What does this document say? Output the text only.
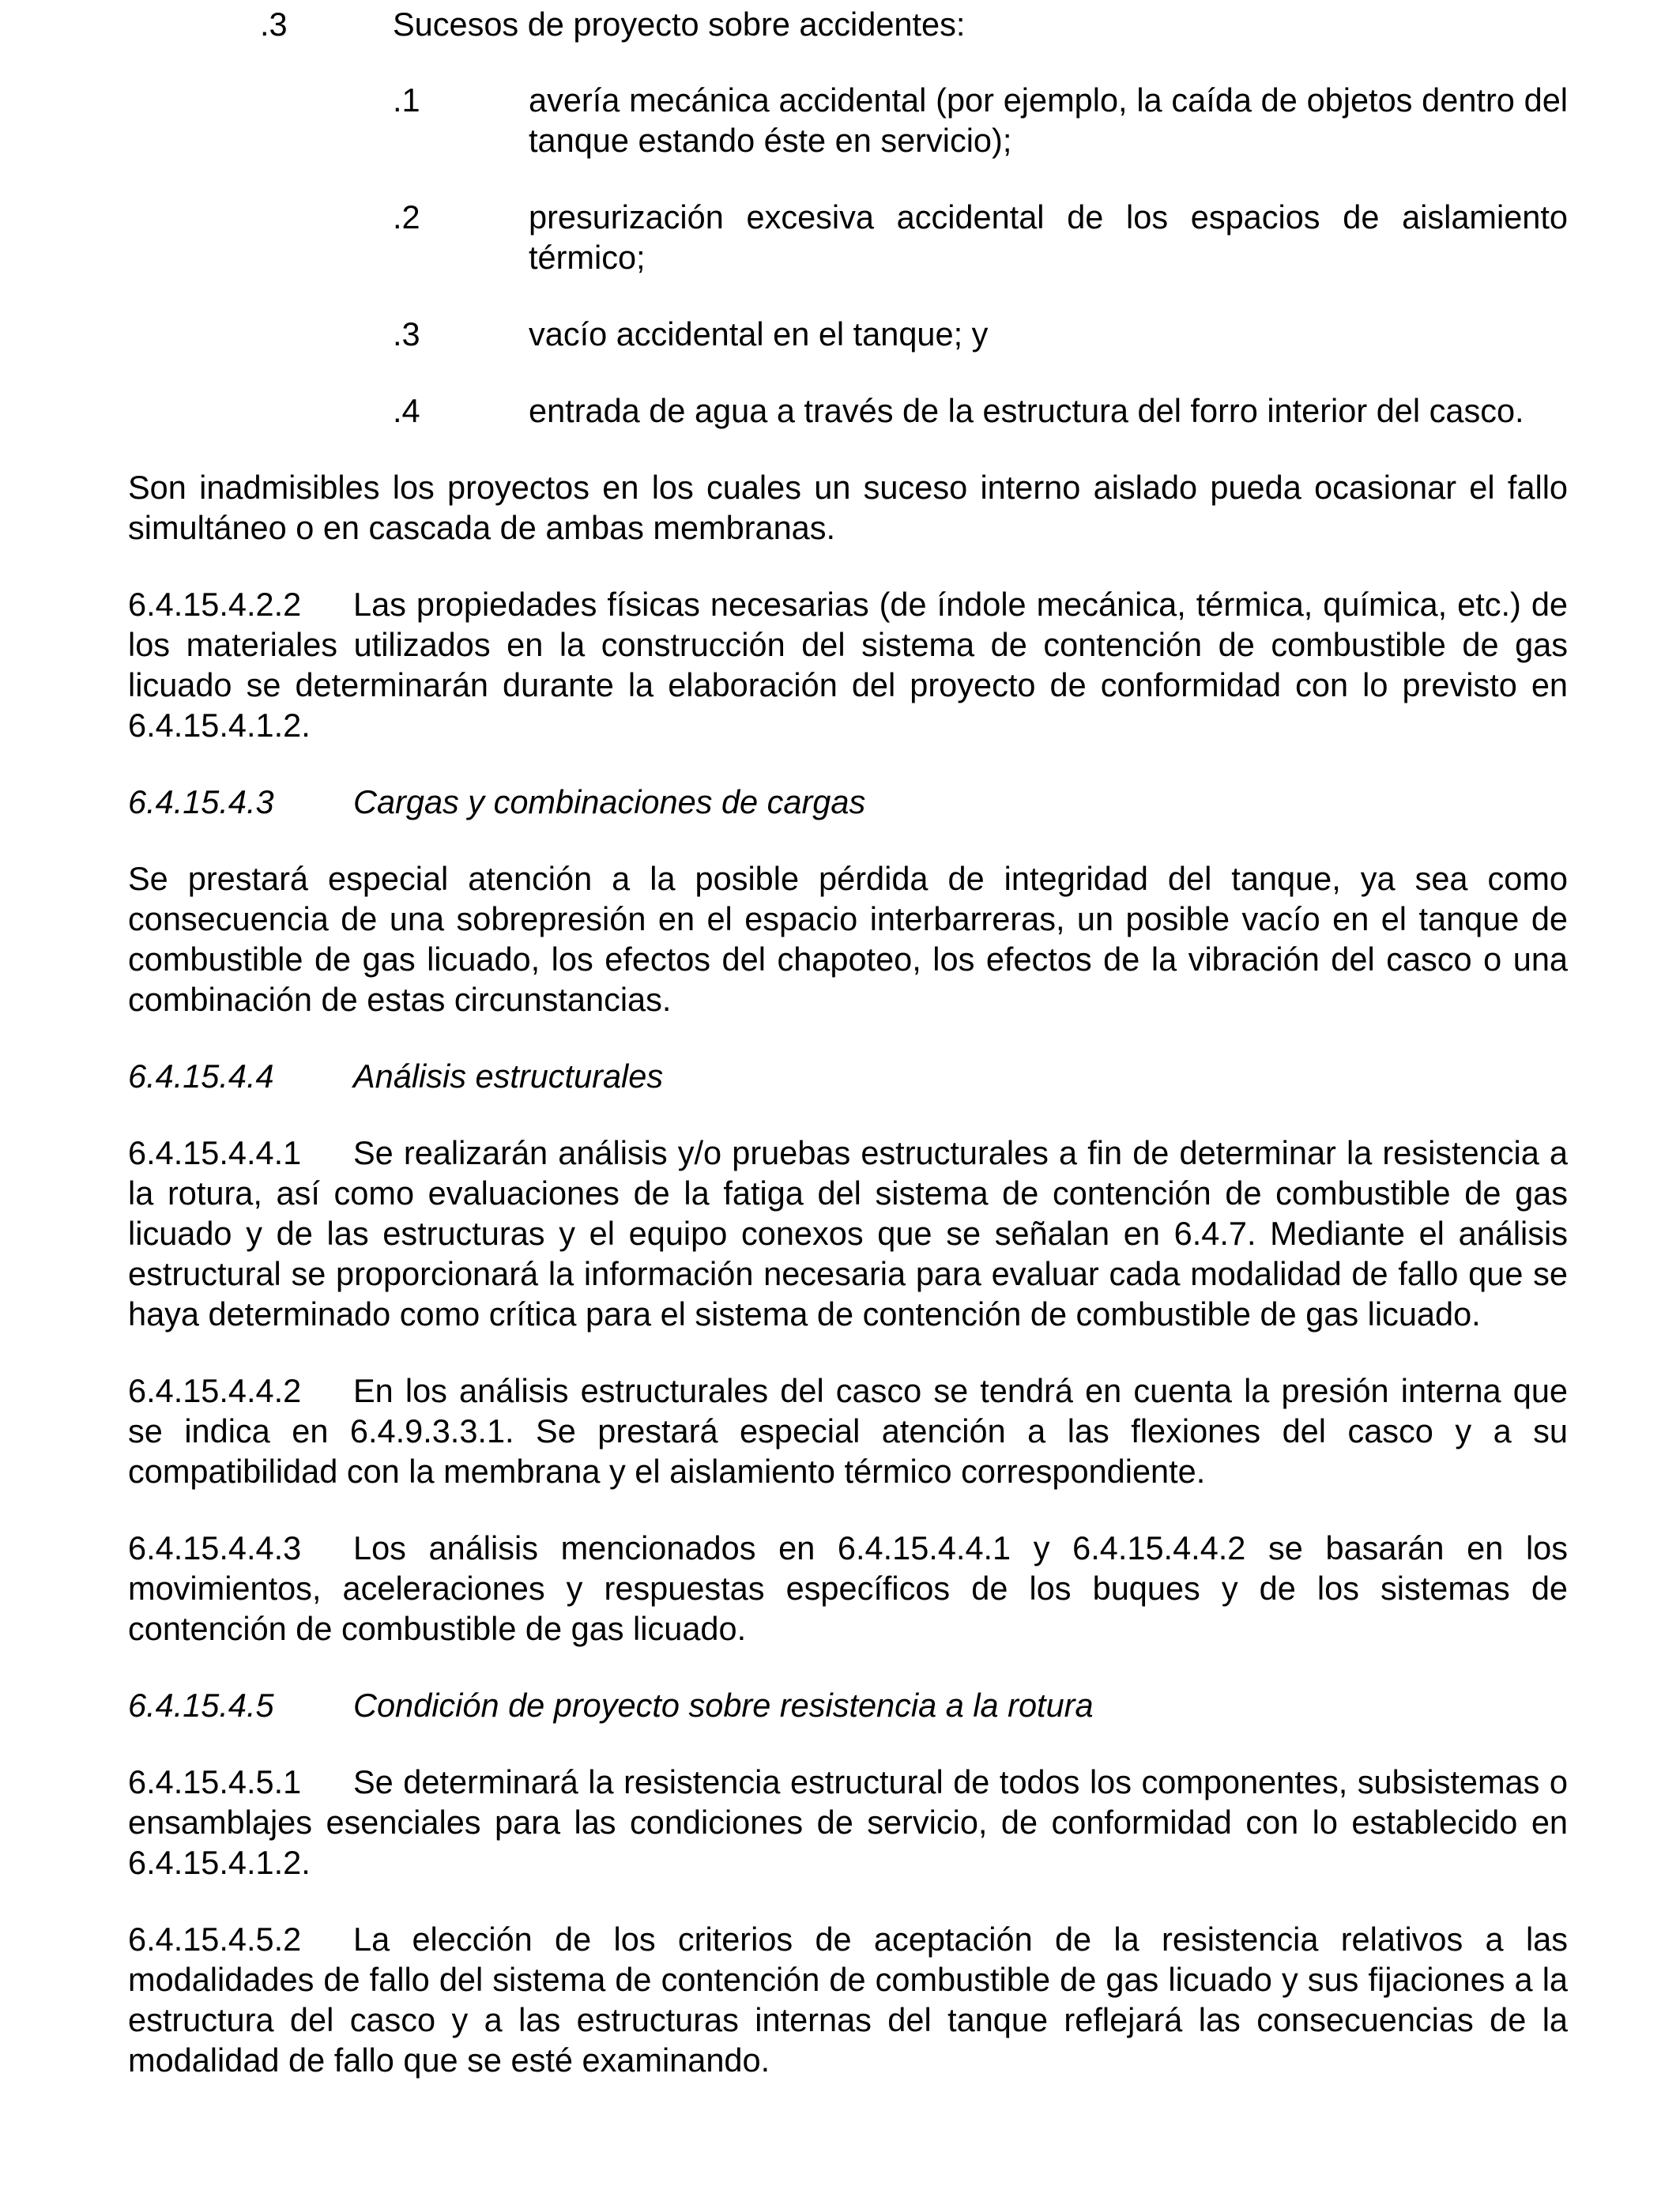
.3	Sucesos de proyecto sobre accidentes:
.1	avería mecánica accidental (por ejemplo, la caída de objetos dentro del tanque estando éste en servicio);
.2	presurización excesiva accidental de los espacios de aislamiento térmico;
.3	vacío accidental en el tanque; y
.4	entrada de agua a través de la estructura del forro interior del casco.

Son inadmisibles los proyectos en los cuales un suceso interno aislado pueda ocasionar el fallo simultáneo o en cascada de ambas membranas.

6.4.15.4.2.2 Las propiedades físicas necesarias (de índole mecánica, térmica, química, etc.) de los materiales utilizados en la construcción del sistema de contención de combustible de gas licuado se determinarán durante la elaboración del proyecto de conformidad con lo previsto en 6.4.15.4.1.2.

6.4.15.4.3 Cargas y combinaciones de cargas

Se prestará especial atención a la posible pérdida de integridad del tanque, ya sea como consecuencia de una sobrepresión en el espacio interbarreras, un posible vacío en el tanque de combustible de gas licuado, los efectos del chapoteo, los efectos de la vibración del casco o una combinación de estas circunstancias.

6.4.15.4.4 Análisis estructurales

6.4.15.4.4.1 Se realizarán análisis y/o pruebas estructurales a fin de determinar la resistencia a la rotura, así como evaluaciones de la fatiga del sistema de contención de combustible de gas licuado y de las estructuras y el equipo conexos que se señalan en 6.4.7. Mediante el análisis estructural se proporcionará la información necesaria para evaluar cada modalidad de fallo que se haya determinado como crítica para el sistema de contención de combustible de gas licuado.

6.4.15.4.4.2 En los análisis estructurales del casco se tendrá en cuenta la presión interna que se indica en 6.4.9.3.3.1. Se prestará especial atención a las flexiones del casco y a su compatibilidad con la membrana y el aislamiento térmico correspondiente.

6.4.15.4.4.3 Los análisis mencionados en 6.4.15.4.4.1 y 6.4.15.4.4.2 se basarán en los movimientos, aceleraciones y respuestas específicos de los buques y de los sistemas de contención de combustible de gas licuado.

6.4.15.4.5 Condición de proyecto sobre resistencia a la rotura

6.4.15.4.5.1 Se determinará la resistencia estructural de todos los componentes, subsistemas o ensamblajes esenciales para las condiciones de servicio, de conformidad con lo establecido en 6.4.15.4.1.2.

6.4.15.4.5.2 La elección de los criterios de aceptación de la resistencia relativos a las modalidades de fallo del sistema de contención de combustible de gas licuado y sus fijaciones a la estructura del casco y a las estructuras internas del tanque reflejará las consecuencias de la modalidad de fallo que se esté examinando.
